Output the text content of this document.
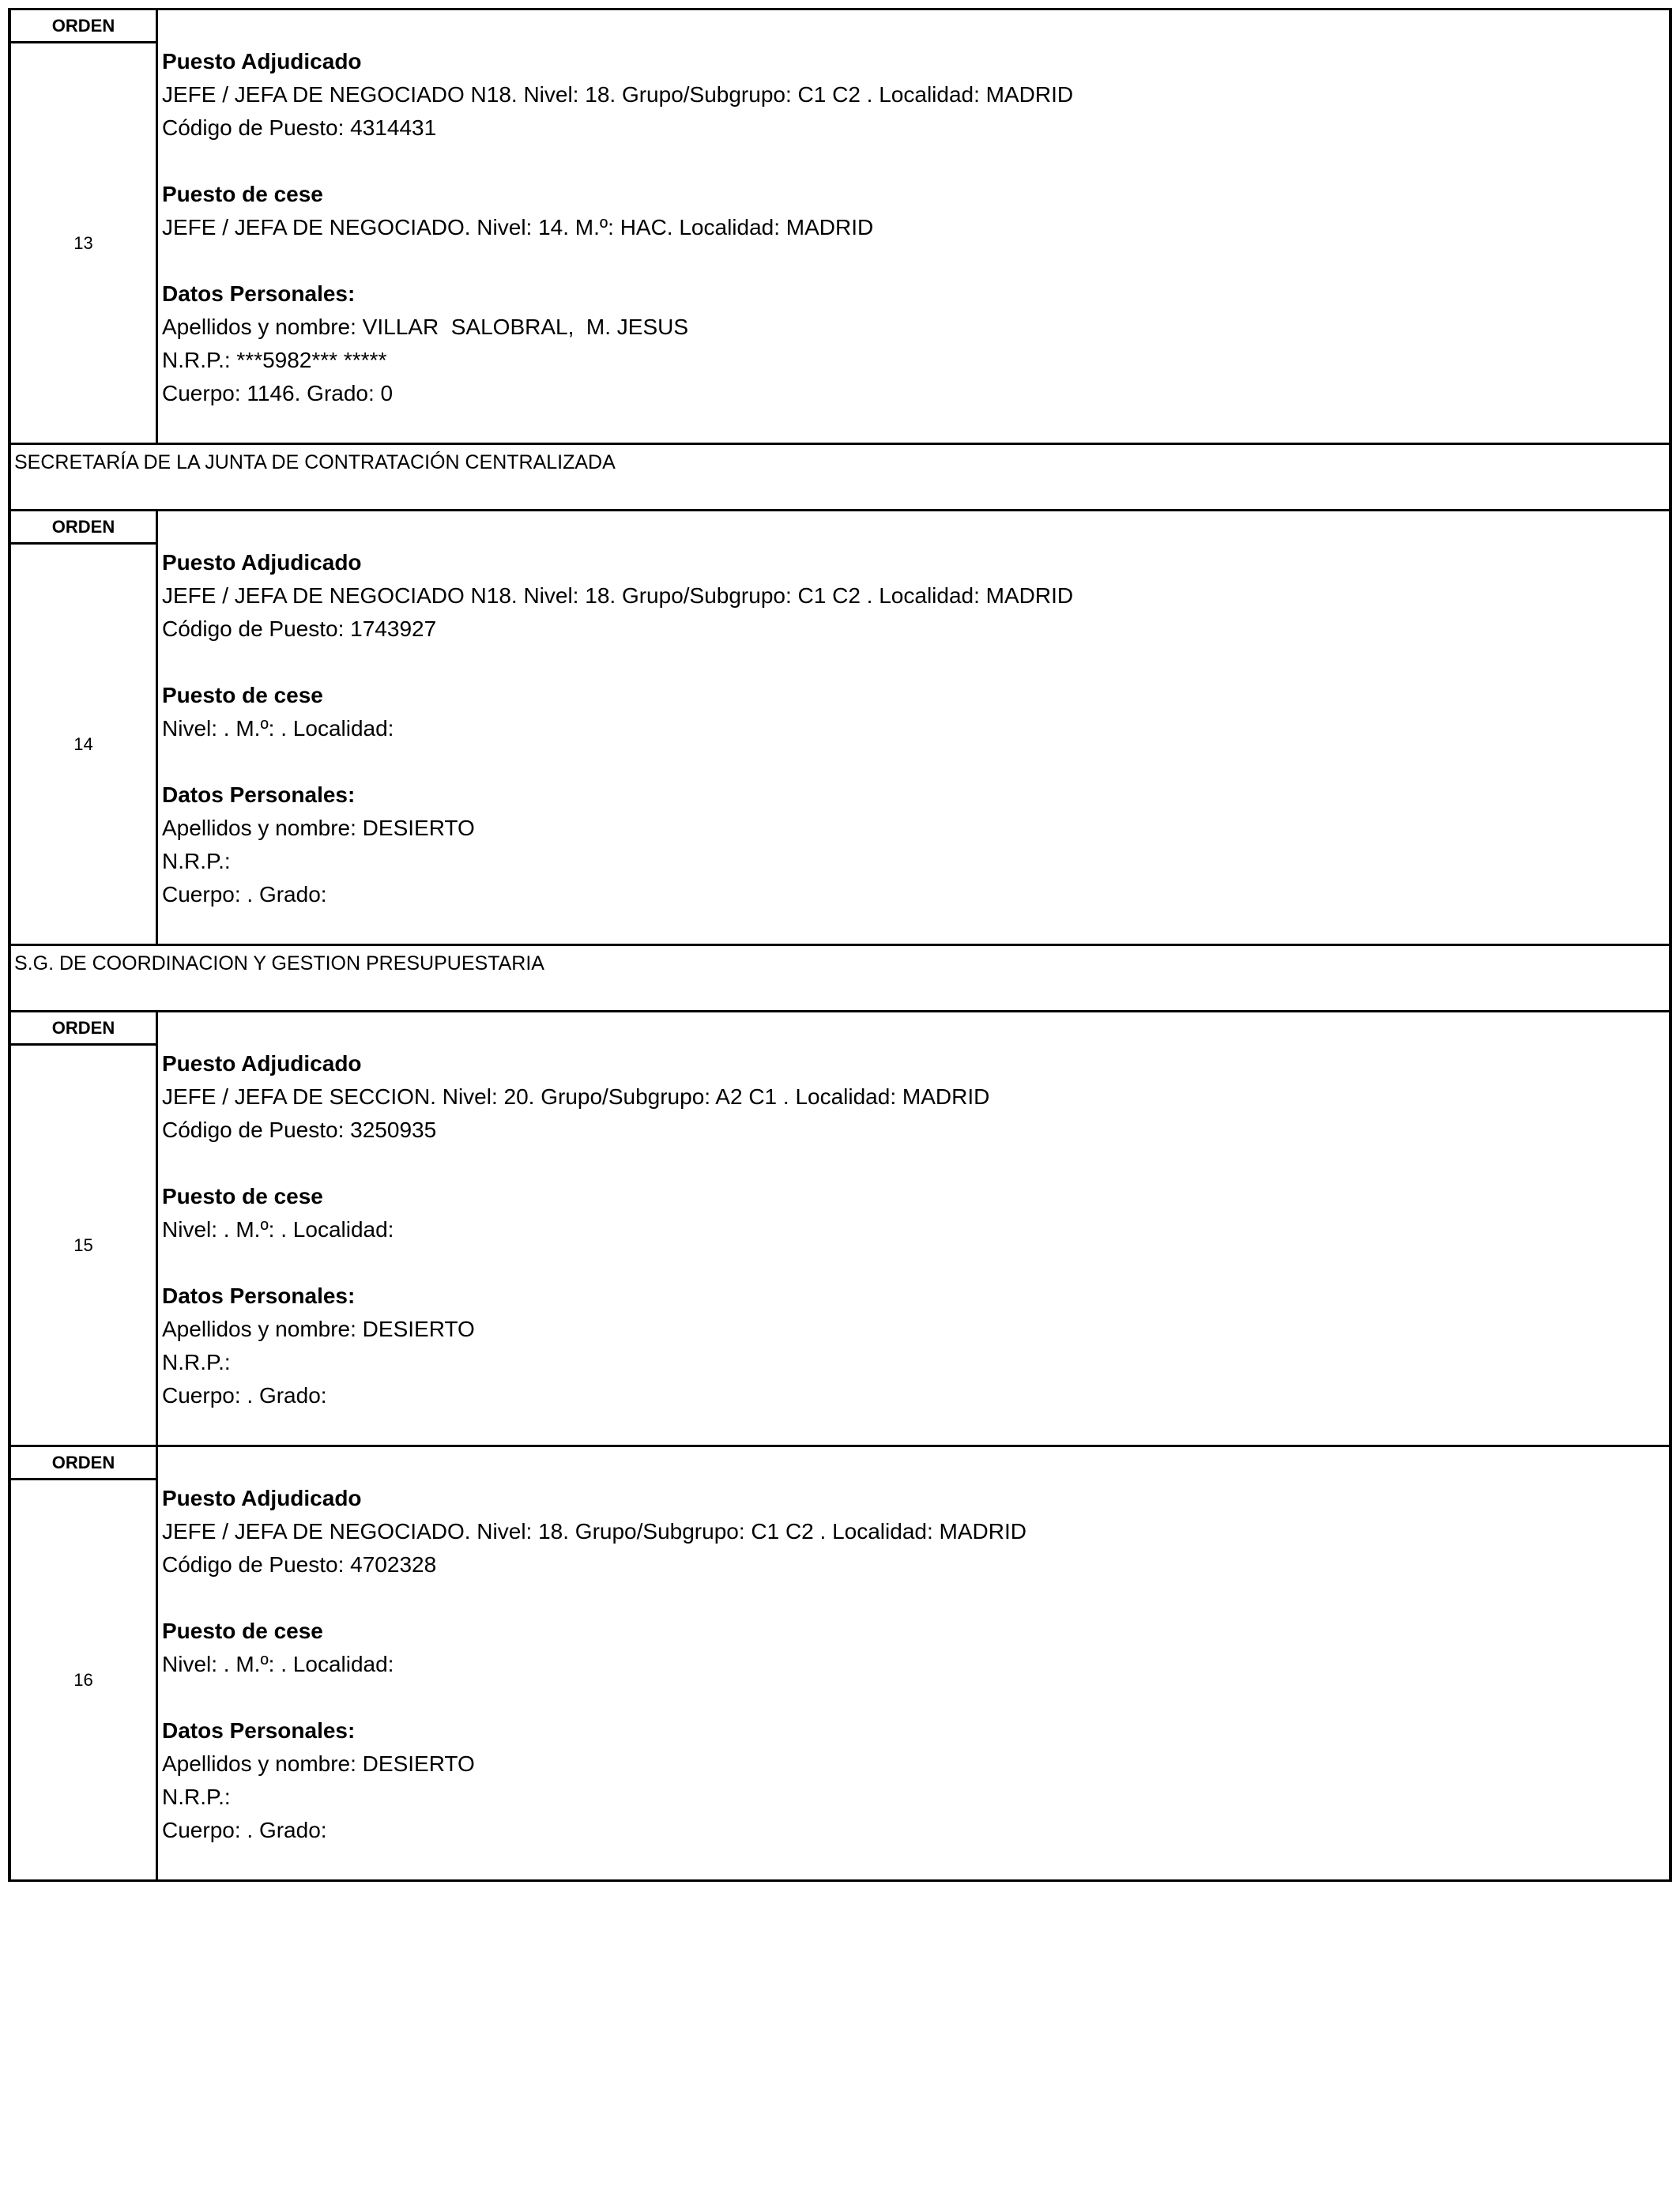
ORDEN
13
Puesto Adjudicado
JEFE / JEFA DE NEGOCIADO N18. Nivel: 18. Grupo/Subgrupo: C1 C2 . Localidad: MADRID
Código de Puesto: 4314431
Puesto de cese
JEFE / JEFA DE NEGOCIADO. Nivel: 14. M.º: HAC. Localidad: MADRID
Datos Personales:
Apellidos y nombre: VILLAR  SALOBRAL,  M. JESUS
N.R.P.: ***5982*** *****
Cuerpo: 1146. Grado: 0
SECRETARÍA DE LA JUNTA DE CONTRATACIÓN CENTRALIZADA
ORDEN
14
Puesto Adjudicado
JEFE / JEFA DE NEGOCIADO N18. Nivel: 18. Grupo/Subgrupo: C1 C2 . Localidad: MADRID
Código de Puesto: 1743927
Puesto de cese
Nivel: . M.º: . Localidad:
Datos Personales:
Apellidos y nombre: DESIERTO
N.R.P.:
Cuerpo: . Grado:
S.G. DE COORDINACION Y GESTION PRESUPUESTARIA
ORDEN
15
Puesto Adjudicado
JEFE / JEFA DE SECCION. Nivel: 20. Grupo/Subgrupo: A2 C1 . Localidad: MADRID
Código de Puesto: 3250935
Puesto de cese
Nivel: . M.º: . Localidad:
Datos Personales:
Apellidos y nombre: DESIERTO
N.R.P.:
Cuerpo: . Grado:
ORDEN
16
Puesto Adjudicado
JEFE / JEFA DE NEGOCIADO. Nivel: 18. Grupo/Subgrupo: C1 C2 . Localidad: MADRID
Código de Puesto: 4702328
Puesto de cese
Nivel: . M.º: . Localidad:
Datos Personales:
Apellidos y nombre: DESIERTO
N.R.P.:
Cuerpo: . Grado:
